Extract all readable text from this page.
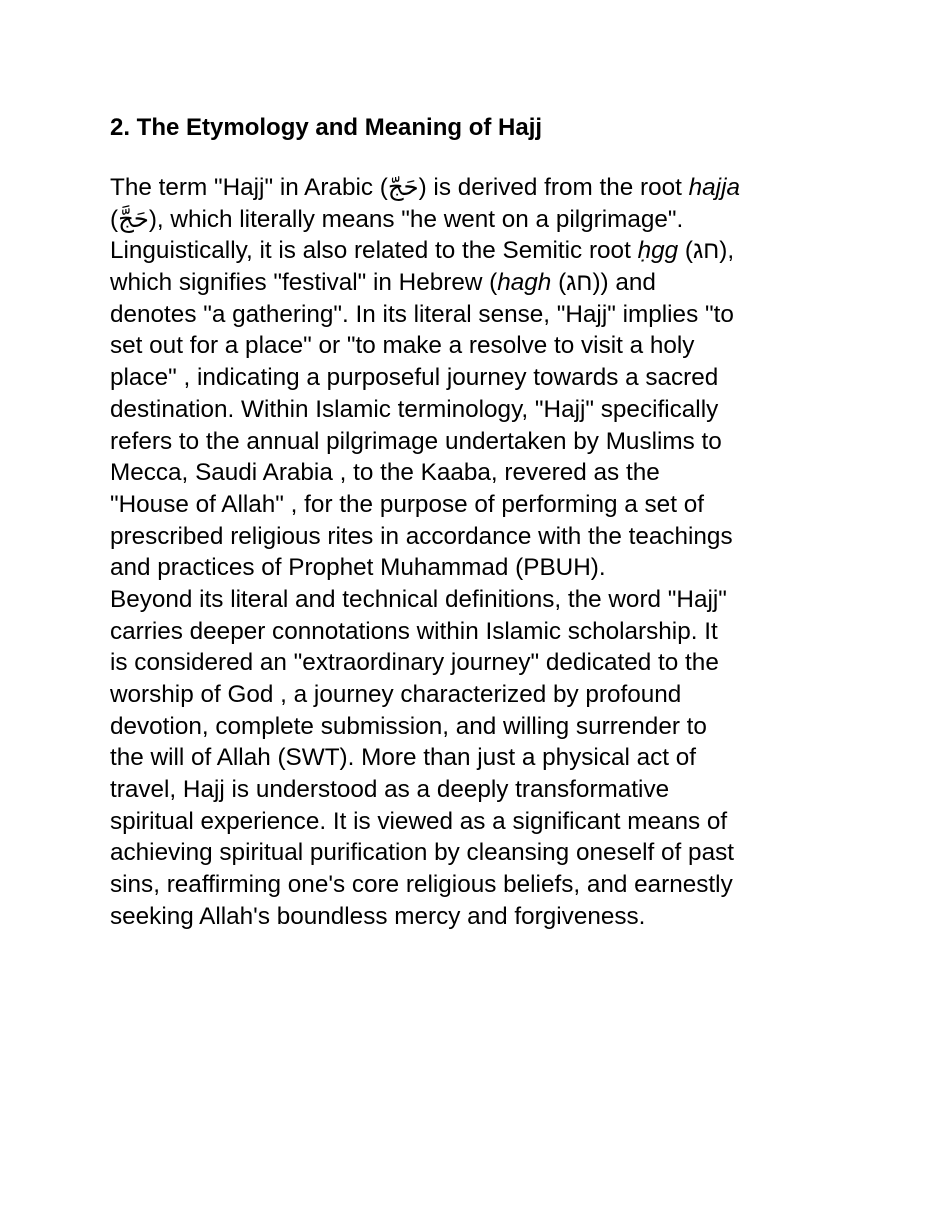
2. The Etymology and Meaning of Hajj
The term "Hajj" in Arabic (حَجّ) is derived from the root hajja
(حَجَّ), which literally means "he went on a pilgrimage".
Linguistically, it is also related to the Semitic root ḥgg (חג),
which signifies "festival" in Hebrew (hagh (חג)) and
denotes "a gathering". In its literal sense, "Hajj" implies "to
set out for a place" or "to make a resolve to visit a holy
place" , indicating a purposeful journey towards a sacred
destination. Within Islamic terminology, "Hajj" specifically
refers to the annual pilgrimage undertaken by Muslims to
Mecca, Saudi Arabia , to the Kaaba, revered as the
"House of Allah" , for the purpose of performing a set of
prescribed religious rites in accordance with the teachings
and practices of Prophet Muhammad (PBUH).
Beyond its literal and technical definitions, the word "Hajj"
carries deeper connotations within Islamic scholarship. It
is considered an "extraordinary journey" dedicated to the
worship of God , a journey characterized by profound
devotion, complete submission, and willing surrender to
the will of Allah (SWT). More than just a physical act of
travel, Hajj is understood as a deeply transformative
spiritual experience. It is viewed as a significant means of
achieving spiritual purification by cleansing oneself of past
sins, reaffirming one's core religious beliefs, and earnestly
seeking Allah's boundless mercy and forgiveness.
